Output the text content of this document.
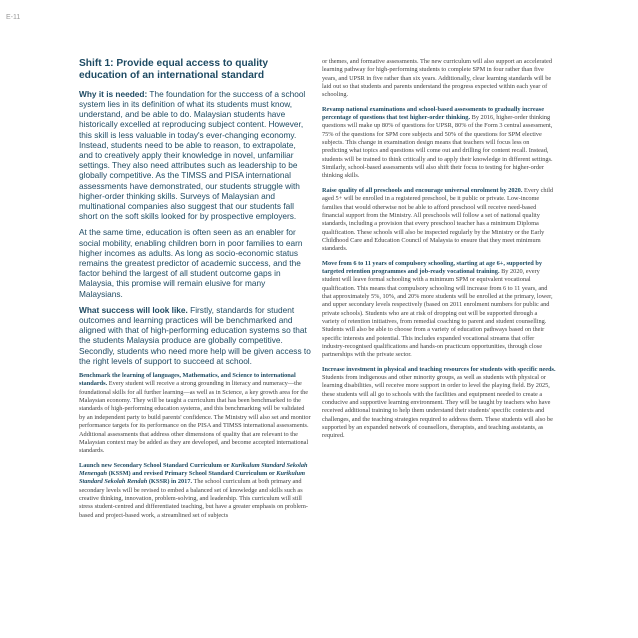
E-11
Shift 1: Provide equal access to quality education of an international standard

Why it is needed: The foundation for the success of a school system lies in its definition of what its students must know, understand, and be able to do. Malaysian students have historically excelled at reproducing subject content. However, this skill is less valuable in today's ever-changing economy. Instead, students need to be able to reason, to extrapolate, and to creatively apply their knowledge in novel, unfamiliar settings. They also need attributes such as leadership to be globally competitive. As the TIMSS and PISA international assessments have demonstrated, our students struggle with higher-order thinking skills. Surveys of Malaysian and multinational companies also suggest that our students fall short on the soft skills looked for by prospective employers.

At the same time, education is often seen as an enabler for social mobility, enabling children born in poor families to earn higher incomes as adults. As long as socio-economic status remains the greatest predictor of academic success, and the factor behind the largest of all student outcome gaps in Malaysia, this promise will remain elusive for many Malaysians.

What success will look like. Firstly, standards for student outcomes and learning practices will be benchmarked and aligned with that of high-performing education systems so that the students Malaysia produce are globally competitive. Secondly, students who need more help will be given access to the right levels of support to succeed at school.

Benchmark the learning of languages, Mathematics, and Science to international standards. Every student will receive a strong grounding in literacy and numeracy—the foundational skills for all further learning—as well as in Science, a key growth area for the Malaysian economy. They will be taught a curriculum that has been benchmarked to the standards of high-performing education systems, and this benchmarking will be validated by an independent party to build parents' confidence. The Ministry will also set and monitor performance targets for its performance on the PISA and TIMSS international assessments. Additional assessments that address other dimensions of quality that are relevant to the Malaysian context may be added as they are developed, and become accepted international standards.

Launch new Secondary School Standard Curriculum or Kurikulum Standard Sekolah Menengah (KSSM) and revised Primary School Standard Curriculum or Kurikulum Standard Sekolah Rendah (KSSR) in 2017. The school curriculum at both primary and secondary levels will be revised to embed a balanced set of knowledge and skills such as creative thinking, innovation, problem-solving, and leadership. This curriculum will still stress student-centred and differentiated teaching, but have a greater emphasis on problem-based and project-based work, a streamlined set of subjects

or themes, and formative assessments. The new curriculum will also support an accelerated learning pathway for high-performing students to complete SPM in four rather than five years, and UPSR in five rather than six years. Additionally, clear learning standards will be laid out so that students and parents understand the progress expected within each year of schooling.

Revamp national examinations and school-based assessments to gradually increase percentage of questions that test higher-order thinking. By 2016, higher-order thinking questions will make up 80% of questions for UPSR, 80% of the Form 3 central assessment, 75% of the questions for SPM core subjects and 50% of the questions for SPM elective subjects. This change in examination design means that teachers will focus less on predicting what topics and questions will come out and drilling for content recall. Instead, students will be trained to think critically and to apply their knowledge in different settings. Similarly, school-based assessments will also shift their focus to testing for higher-order thinking skills.

Raise quality of all preschools and encourage universal enrolment by 2020. Every child aged 5+ will be enrolled in a registered preschool, be it public or private. Low-income families that would otherwise not be able to afford preschool will receive need-based financial support from the Ministry. All preschools will follow a set of national quality standards, including a provision that every preschool teacher has a minimum Diploma qualification. These schools will also be inspected regularly by the Ministry or the Early Childhood Care and Education Council of Malaysia to ensure that they meet minimum standards.

Move from 6 to 11 years of compulsory schooling, starting at age 6+, supported by targeted retention programmes and job-ready vocational training. By 2020, every student will leave formal schooling with a minimum SPM or equivalent vocational qualification. This means that compulsory schooling will increase from 6 to 11 years, and that approximately 5%, 10%, and 20% more students will be enrolled at the primary, lower, and upper secondary levels respectively (based on 2011 enrolment numbers for public and private schools). Students who are at risk of dropping out will be supported through a variety of retention initiatives, from remedial coaching to parent and student counselling. Students will also be able to choose from a variety of education pathways based on their specific interests and potential. This includes expanded vocational streams that offer industry-recognised qualifications and hands-on practicum opportunities, through close partnerships with the private sector.

Increase investment in physical and teaching resources for students with specific needs. Students from indigenous and other minority groups, as well as students with physical or learning disabilities, will receive more support in order to level the playing field. By 2025, these students will all go to schools with the facilities and equipment needed to create a conducive and supportive learning environment. They will be taught by teachers who have received additional training to help them understand their students' specific contexts and challenges, and the teaching strategies required to address them. These students will also be supported by an expanded network of counsellors, therapists, and teaching assistants, as required.
